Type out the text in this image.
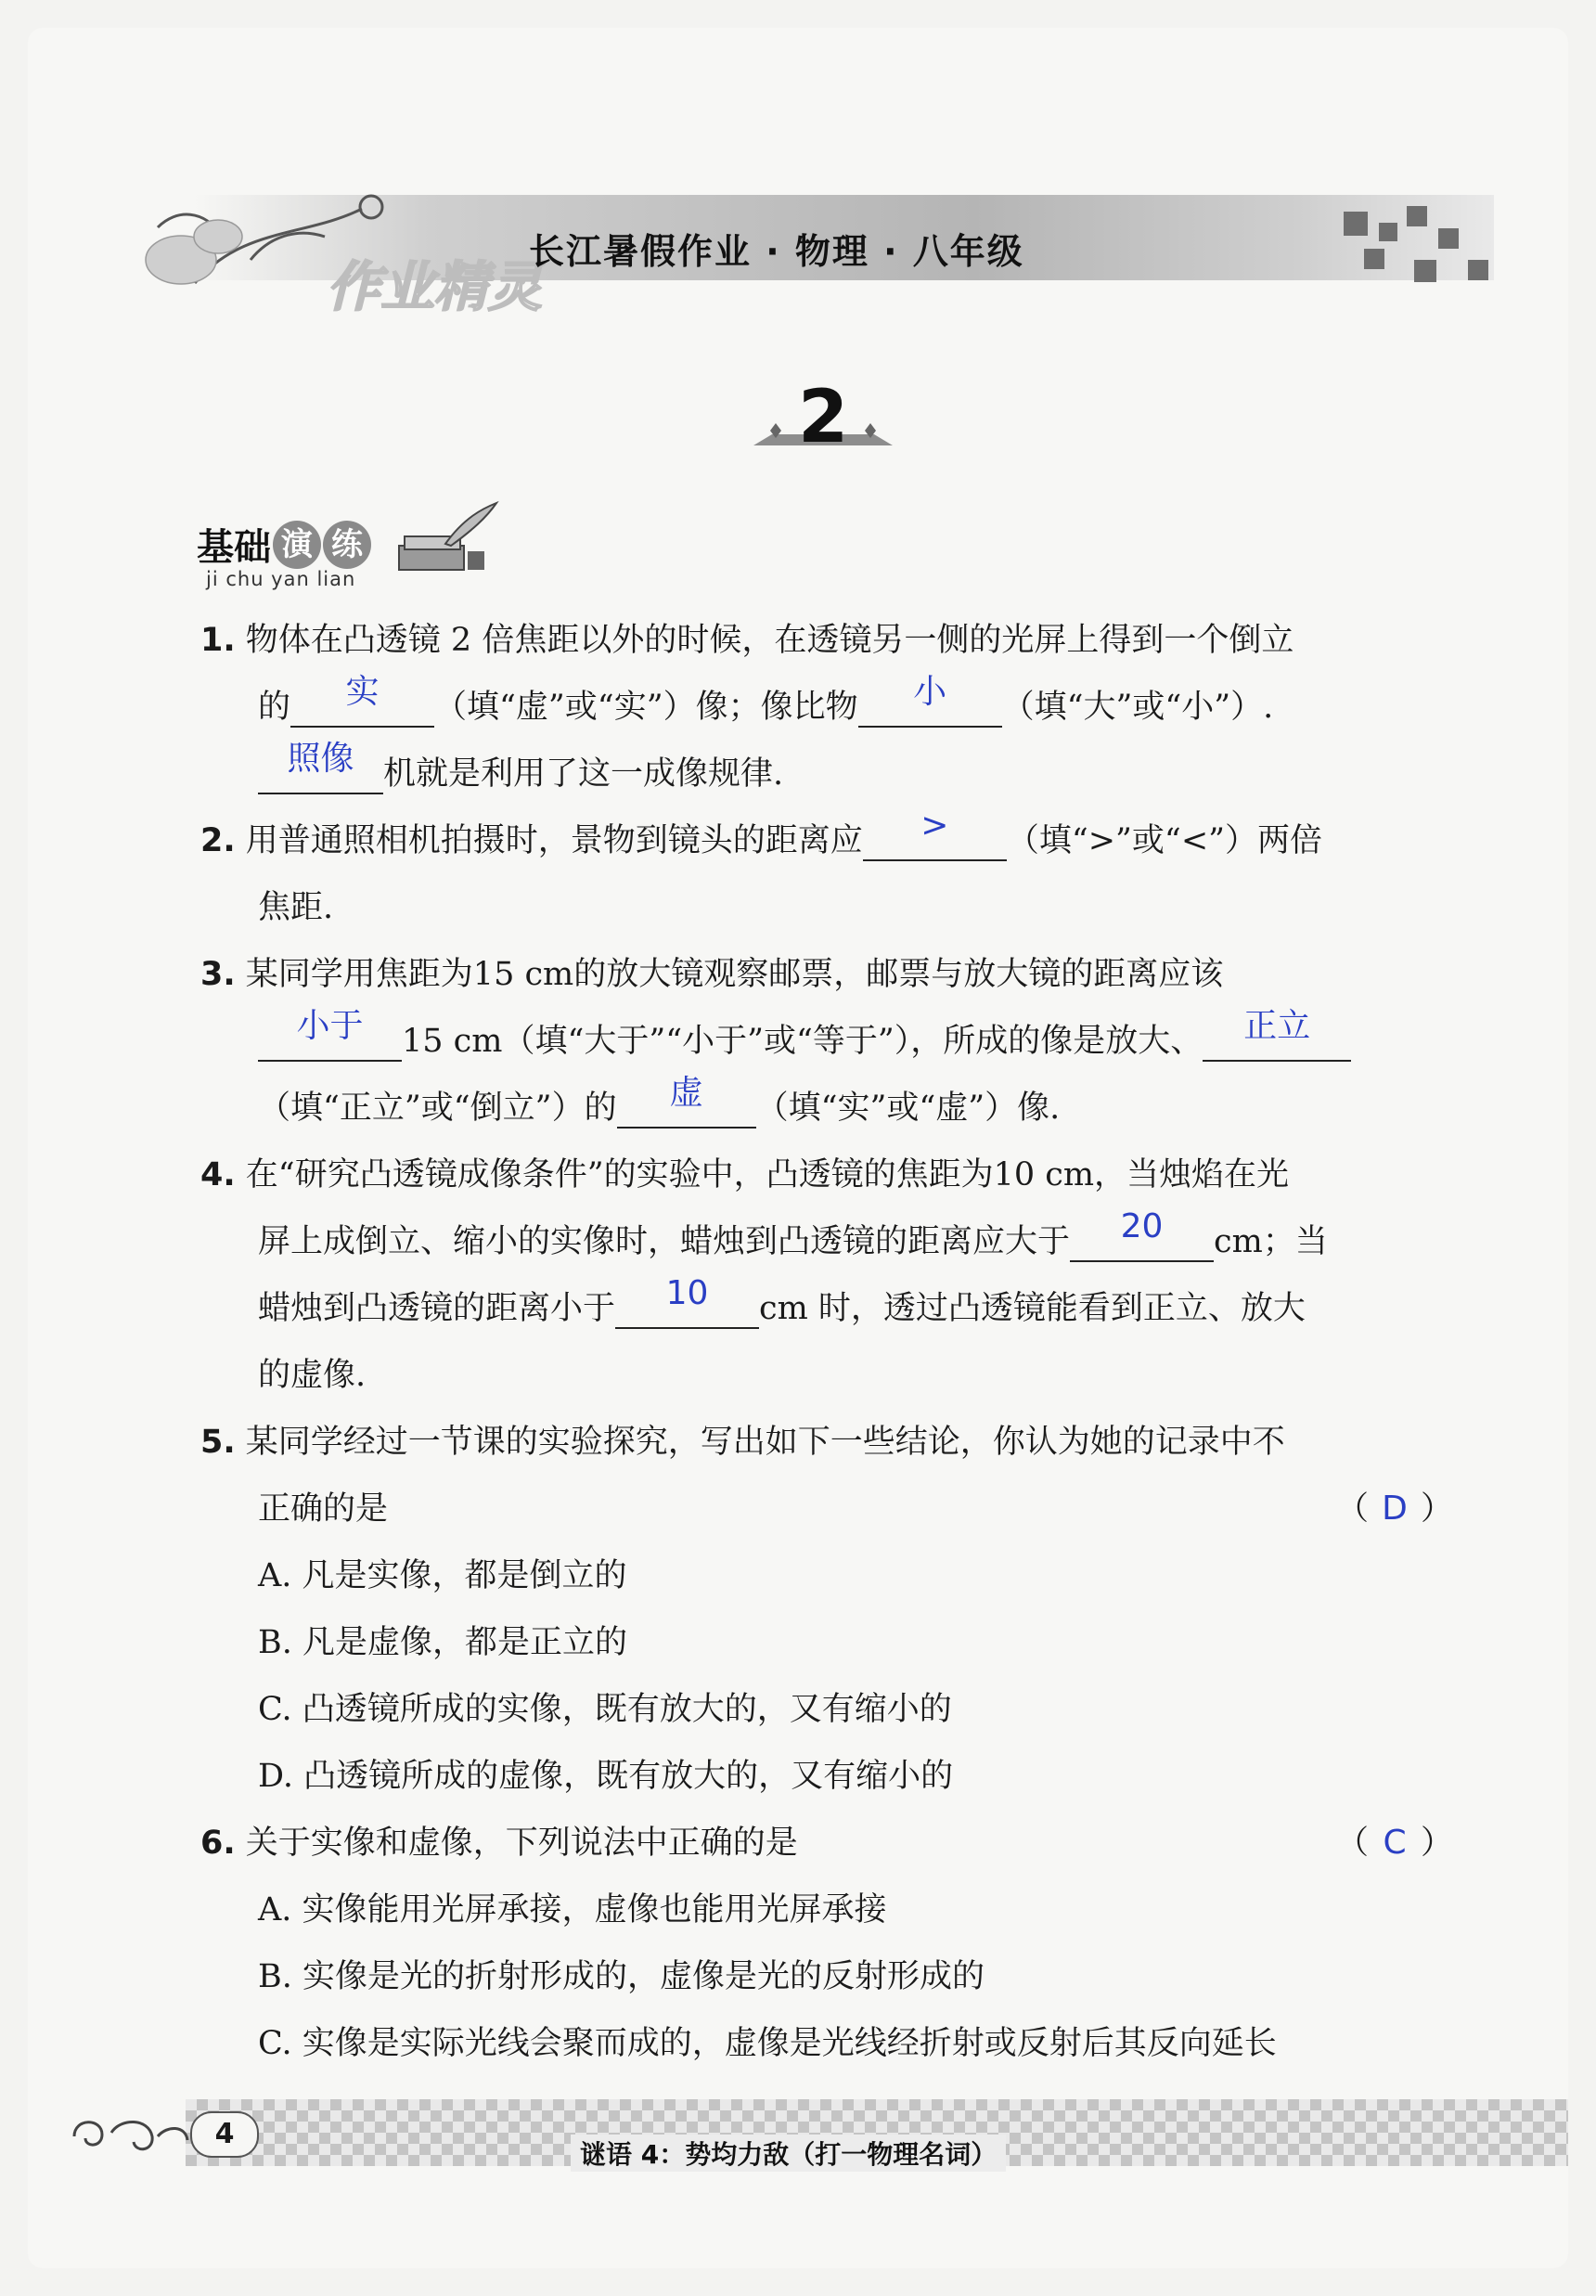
作业精灵
长江暑假作业 · 物理 · 八年级
2
基础 演 练
ji chu yan lian
1. 物体在凸透镜 2 倍焦距以外的时候，在透镜另一侧的光屏上得到一个倒立
的	实	（填“虚”或“实”）像；像比物	小	（填“大”或“小”）.
照像 机就是利用了这一成像规律.
2. 用普通照相机拍摄时，景物到镜头的距离应	>	（填“>”或“<”）两倍
焦距.
3. 某同学用焦距为15 cm的放大镜观察邮票，邮票与放大镜的距离应该
小于	15 cm（填“大于”“小于”或“等于”），所成的像是放大、	正立
（填“正立”或“倒立”）的	虚	（填“实”或“虚”）像.
4. 在“研究凸透镜成像条件”的实验中，凸透镜的焦距为10 cm，当烛焰在光
屏上成倒立、缩小的实像时，蜡烛到凸透镜的距离应大于	20	cm；当
蜡烛到凸透镜的距离小于	10	cm 时，透过凸透镜能看到正立、放大
的虚像.
5. 某同学经过一节课的实验探究，写出如下一些结论，你认为她的记录中不
正确的是	（ D ）
A. 凡是实像，都是倒立的
B. 凡是虚像，都是正立的
C. 凸透镜所成的实像，既有放大的，又有缩小的
D. 凸透镜所成的虚像，既有放大的，又有缩小的
6. 关于实像和虚像，下列说法中正确的是	（ C ）
A. 实像能用光屏承接，虚像也能用光屏承接
B. 实像是光的折射形成的，虚像是光的反射形成的
C. 实像是实际光线会聚而成的，虚像是光线经折射或反射后其反向延长
4
谜语 4：势均力敌（打一物理名词）
